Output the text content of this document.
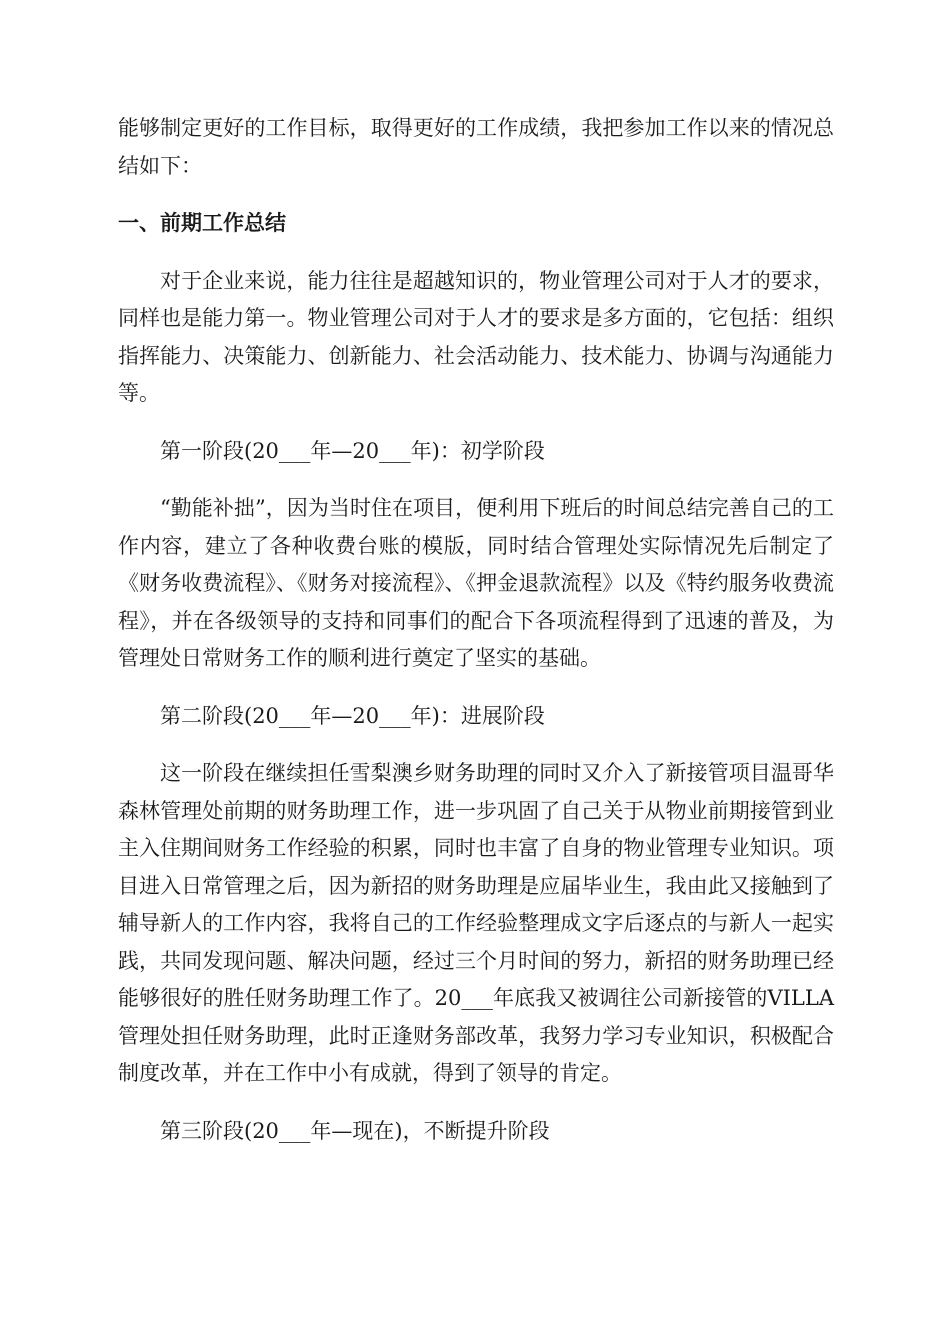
能够制定更好的工作目标，取得更好的工作成绩，我把参加工作以来的情况总结如下：

一、前期工作总结

对于企业来说，能力往往是超越知识的，物业管理公司对于人才的要求，同样也是能力第一。物业管理公司对于人才的要求是多方面的，它包括：组织指挥能力、决策能力、创新能力、社会活动能力、技术能力、协调与沟通能力等。

第一阶段(20___年—20___年)：初学阶段

“勤能补拙”，因为当时住在项目，便利用下班后的时间总结完善自己的工作内容，建立了各种收费台账的模版，同时结合管理处实际情况先后制定了《财务收费流程》、《财务对接流程》、《押金退款流程》以及《特约服务收费流程》，并在各级领导的支持和同事们的配合下各项流程得到了迅速的普及，为管理处日常财务工作的顺利进行奠定了坚实的基础。

第二阶段(20___年—20___年)：进展阶段

这一阶段在继续担任雪梨澳乡财务助理的同时又介入了新接管项目温哥华森林管理处前期的财务助理工作，进一步巩固了自己关于从物业前期接管到业主入住期间财务工作经验的积累，同时也丰富了自身的物业管理专业知识。项目进入日常管理之后，因为新招的财务助理是应届毕业生，我由此又接触到了辅导新人的工作内容，我将自己的工作经验整理成文字后逐点的与新人一起实践，共同发现问题、解决问题，经过三个月时间的努力，新招的财务助理已经能够很好的胜任财务助理工作了。20___年底我又被调往公司新接管的VILLA管理处担任财务助理，此时正逢财务部改革，我努力学习专业知识，积极配合制度改革，并在工作中小有成就，得到了领导的肯定。

第三阶段(20___年—现在)，不断提升阶段
